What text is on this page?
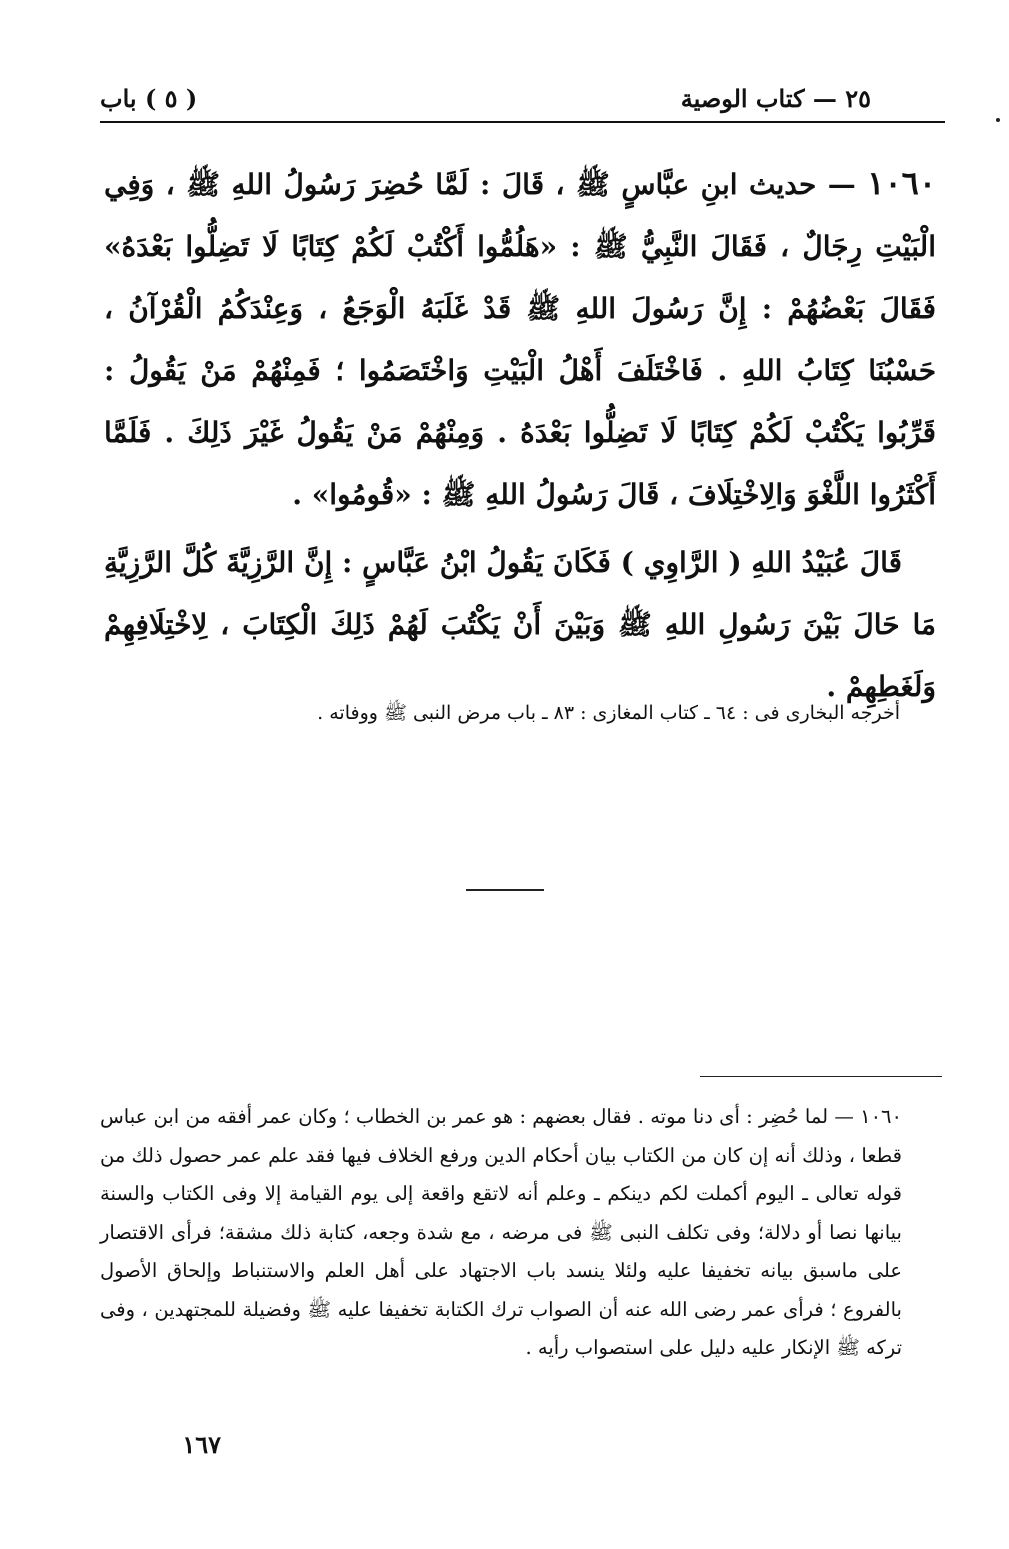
٢٥ — كتاب الوصية
( ٥ ) باب

١٠٦٠ — حديث ابنِ عبَّاسٍ ﷺ ، قَالَ : لَمَّا حُضِرَ رَسُولُ اللهِ ﷺ ، وَفِي الْبَيْتِ رِجَالٌ ، فَقَالَ النَّبِيُّ ﷺ : «هَلُمُّوا أَكْتُبْ لَكُمْ كِتَابًا لَا تَضِلُّوا بَعْدَهُ» فَقَالَ بَعْضُهُمْ : إِنَّ رَسُولَ اللهِ ﷺ قَدْ غَلَبَهُ الْوَجَعُ ، وَعِنْدَكُمُ الْقُرْآنُ ، حَسْبُنَا كِتَابُ اللهِ . فَاخْتَلَفَ أَهْلُ الْبَيْتِ وَاخْتَصَمُوا ؛ فَمِنْهُمْ مَنْ يَقُولُ : قَرِّبُوا يَكْتُبْ لَكُمْ كِتَابًا لَا تَضِلُّوا بَعْدَهُ . وَمِنْهُمْ مَنْ يَقُولُ غَيْرَ ذَلِكَ . فَلَمَّا أَكْثَرُوا اللَّغْوَ وَالِاخْتِلَافَ ، قَالَ رَسُولُ اللهِ ﷺ : «قُومُوا» .

قَالَ عُبَيْدُ اللهِ ( الرَّاوِي ) فَكَانَ يَقُولُ ابْنُ عَبَّاسٍ : إِنَّ الرَّزِيَّةَ كُلَّ الرَّزِيَّةِ مَا حَالَ بَيْنَ رَسُولِ اللهِ ﷺ وَبَيْنَ أَنْ يَكْتُبَ لَهُمْ ذَلِكَ الْكِتَابَ ، لِاخْتِلَافِهِمْ وَلَغَطِهِمْ .

أخرجه البخارى فى : ٦٤ ـ كتاب المغازى : ٨٣ ـ باب مرض النبى ﷺ ووفاته .

١٠٦٠ — لما حُضِر : أى دنا موته . فقال بعضهم : هو عمر بن الخطاب ؛ وكان عمر أفقه من ابن عباس قطعا ، وذلك أنه إن كان من الكتاب بيان أحكام الدين ورفع الخلاف فيها فقد علم عمر حصول ذلك من قوله تعالى ـ اليوم أكملت لكم دينكم ـ وعلم أنه لاتقع واقعة إلى يوم القيامة إلا وفى الكتاب والسنة بيانها نصا أو دلالة؛ وفى تكلف النبى ﷺ فى مرضه ، مع شدة وجعه، كتابة ذلك مشقة؛ فرأى الاقتصار على ماسبق بيانه تخفيفا عليه ولئلا ينسد باب الاجتهاد على أهل العلم والاستنباط وإلحاق الأصول بالفروع ؛ فرأى عمر رضى الله عنه أن الصواب ترك الكتابة تخفيفا عليه ﷺ وفضيلة للمجتهدين ، وفى تركه ﷺ الإنكار عليه دليل على استصواب رأيه .

١٦٧
